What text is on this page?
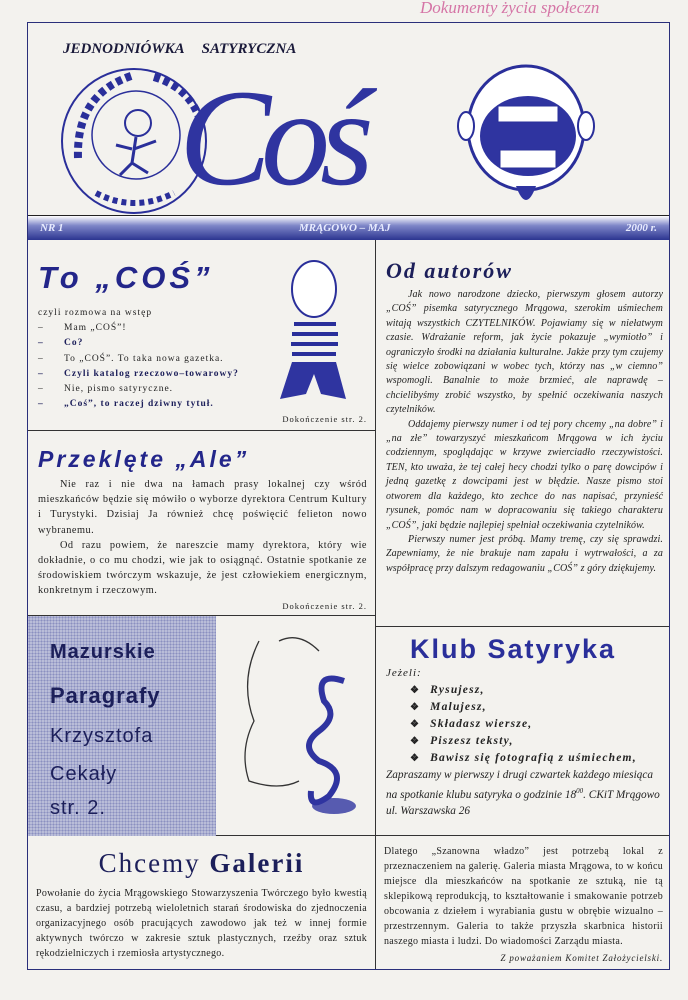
Dokumenty życia społeczn
JEDNODNIÓWKA SATYRYCZNA
Coś
NR 1	MRĄGOWO – MAJ	2000 r.
To „COŚ”
czyli rozmowa na wstęp
–	Mam „COŚ”!
–	Co?
–	To „COŚ”. To taka nowa gazetka.
–	Czyli katalog rzeczowo–towarowy?
–	Nie, pismo satyryczne.
–	„Coś”, to raczej dziwny tytuł.
Dokończenie str. 2.
Przeklęte „Ale”

Nie raz i nie dwa na łamach prasy lokalnej czy wśród mieszkańców będzie się mówiło o wyborze dyrektora Centrum Kultury i Turystyki. Dzisiaj Ja również chcę poświęcić felieton nowo wybranemu.

Od razu powiem, że nareszcie mamy dyrektora, który wie dokładnie, o co mu chodzi, wie jak to osiągnąć. Ostatnie spotkanie ze środowiskiem twórczym wskazuje, że jest człowiekiem energicznym, konkretnym i rzeczowym.

Dokończenie str. 2.
Mazurskie
Paragrafy
Krzysztofa
Cekały
str. 2.
Od autorów

Jak nowo narodzone dziecko, pierwszym głosem autorzy „COŚ” pisemka satyrycznego Mrągowa, szerokim uśmiechem witają wszystkich CZYTELNIKÓW. Pojawiamy się w niełatwym czasie. Wdrażanie reform, jak życie pokazuje „wymiotło” i ograniczyło środki na działania kulturalne. Jakże przy tym czujemy się wielce zobowiązani w wobec tych, którzy nas „w ciemno” wspomogli. Banalnie to może brzmieć, ale naprawdę – chcielibyśmy zrobić wszystko, by spełnić oczekiwania naszych czytelników.

Oddajemy pierwszy numer i od tej pory chcemy „na dobre” i „na złe” towarzyszyć mieszkańcom Mrągowa w ich życiu codziennym, spoglądając w krzywe zwierciadło rzeczywistości. TEN, kto uważa, że tej całej hecy chodzi tylko o parę dowcipów i jedną gazetkę z dowcipami jest w błędzie. Nasze pismo stoi otworem dla każdego, kto zechce do nas napisać, przynieść rysunek, pomóc nam w dopracowaniu się takiego charakteru „COŚ”, jaki będzie najlepiej spełniał oczekiwania czytelników.

Pierwszy numer jest próbą. Mamy tremę, czy się sprawdzi. Zapewniamy, że nie brakuje nam zapału i wytrwałości, a za współpracę przy dalszym redagowaniu „COŚ” z góry dziękujemy.

Klub Satyryka
Jeżeli:
❖ Rysujesz,
❖ Malujesz,
❖ Składasz wiersze,
❖ Piszesz teksty,
❖ Bawisz się fotografią z uśmiechem,
Zapraszamy w pierwszy i drugi czwartek każdego miesiąca na spotkanie klubu satyryka o godzinie $18^{00}$. CKiT Mrągowo ul. Warszawska 26
Chcemy Galerii

Powołanie do życia Mrągowskiego Stowarzyszenia Twórczego było kwestią czasu, a bardziej potrzebą wieloletnich starań środowiska do zjednoczenia organizacyjnego osób pracujących zawodowo jak też w innej formie aktywnych twórczo w zakresie sztuk plastycznych, rzeźby oraz sztuk rękodzielniczych i rzemiosła artystycznego.

Dlatego „Szanowna władzo” jest potrzebą lokal z przeznaczeniem na galerię. Galeria miasta Mrągowa, to w końcu miejsce dla mieszkańców na spotkanie ze sztuką, nie tą sklepikową reprodukcją, to kształtowanie i smakowanie potrzeb obcowania z dziełem i wyrabiania gustu w obrębie wizualno – przestrzennym. Galeria to także przyszła skarbnica historii naszego miasta i ludzi. Do wiadomości Zarządu miasta.

Z poważaniem Komitet Założycielski.
